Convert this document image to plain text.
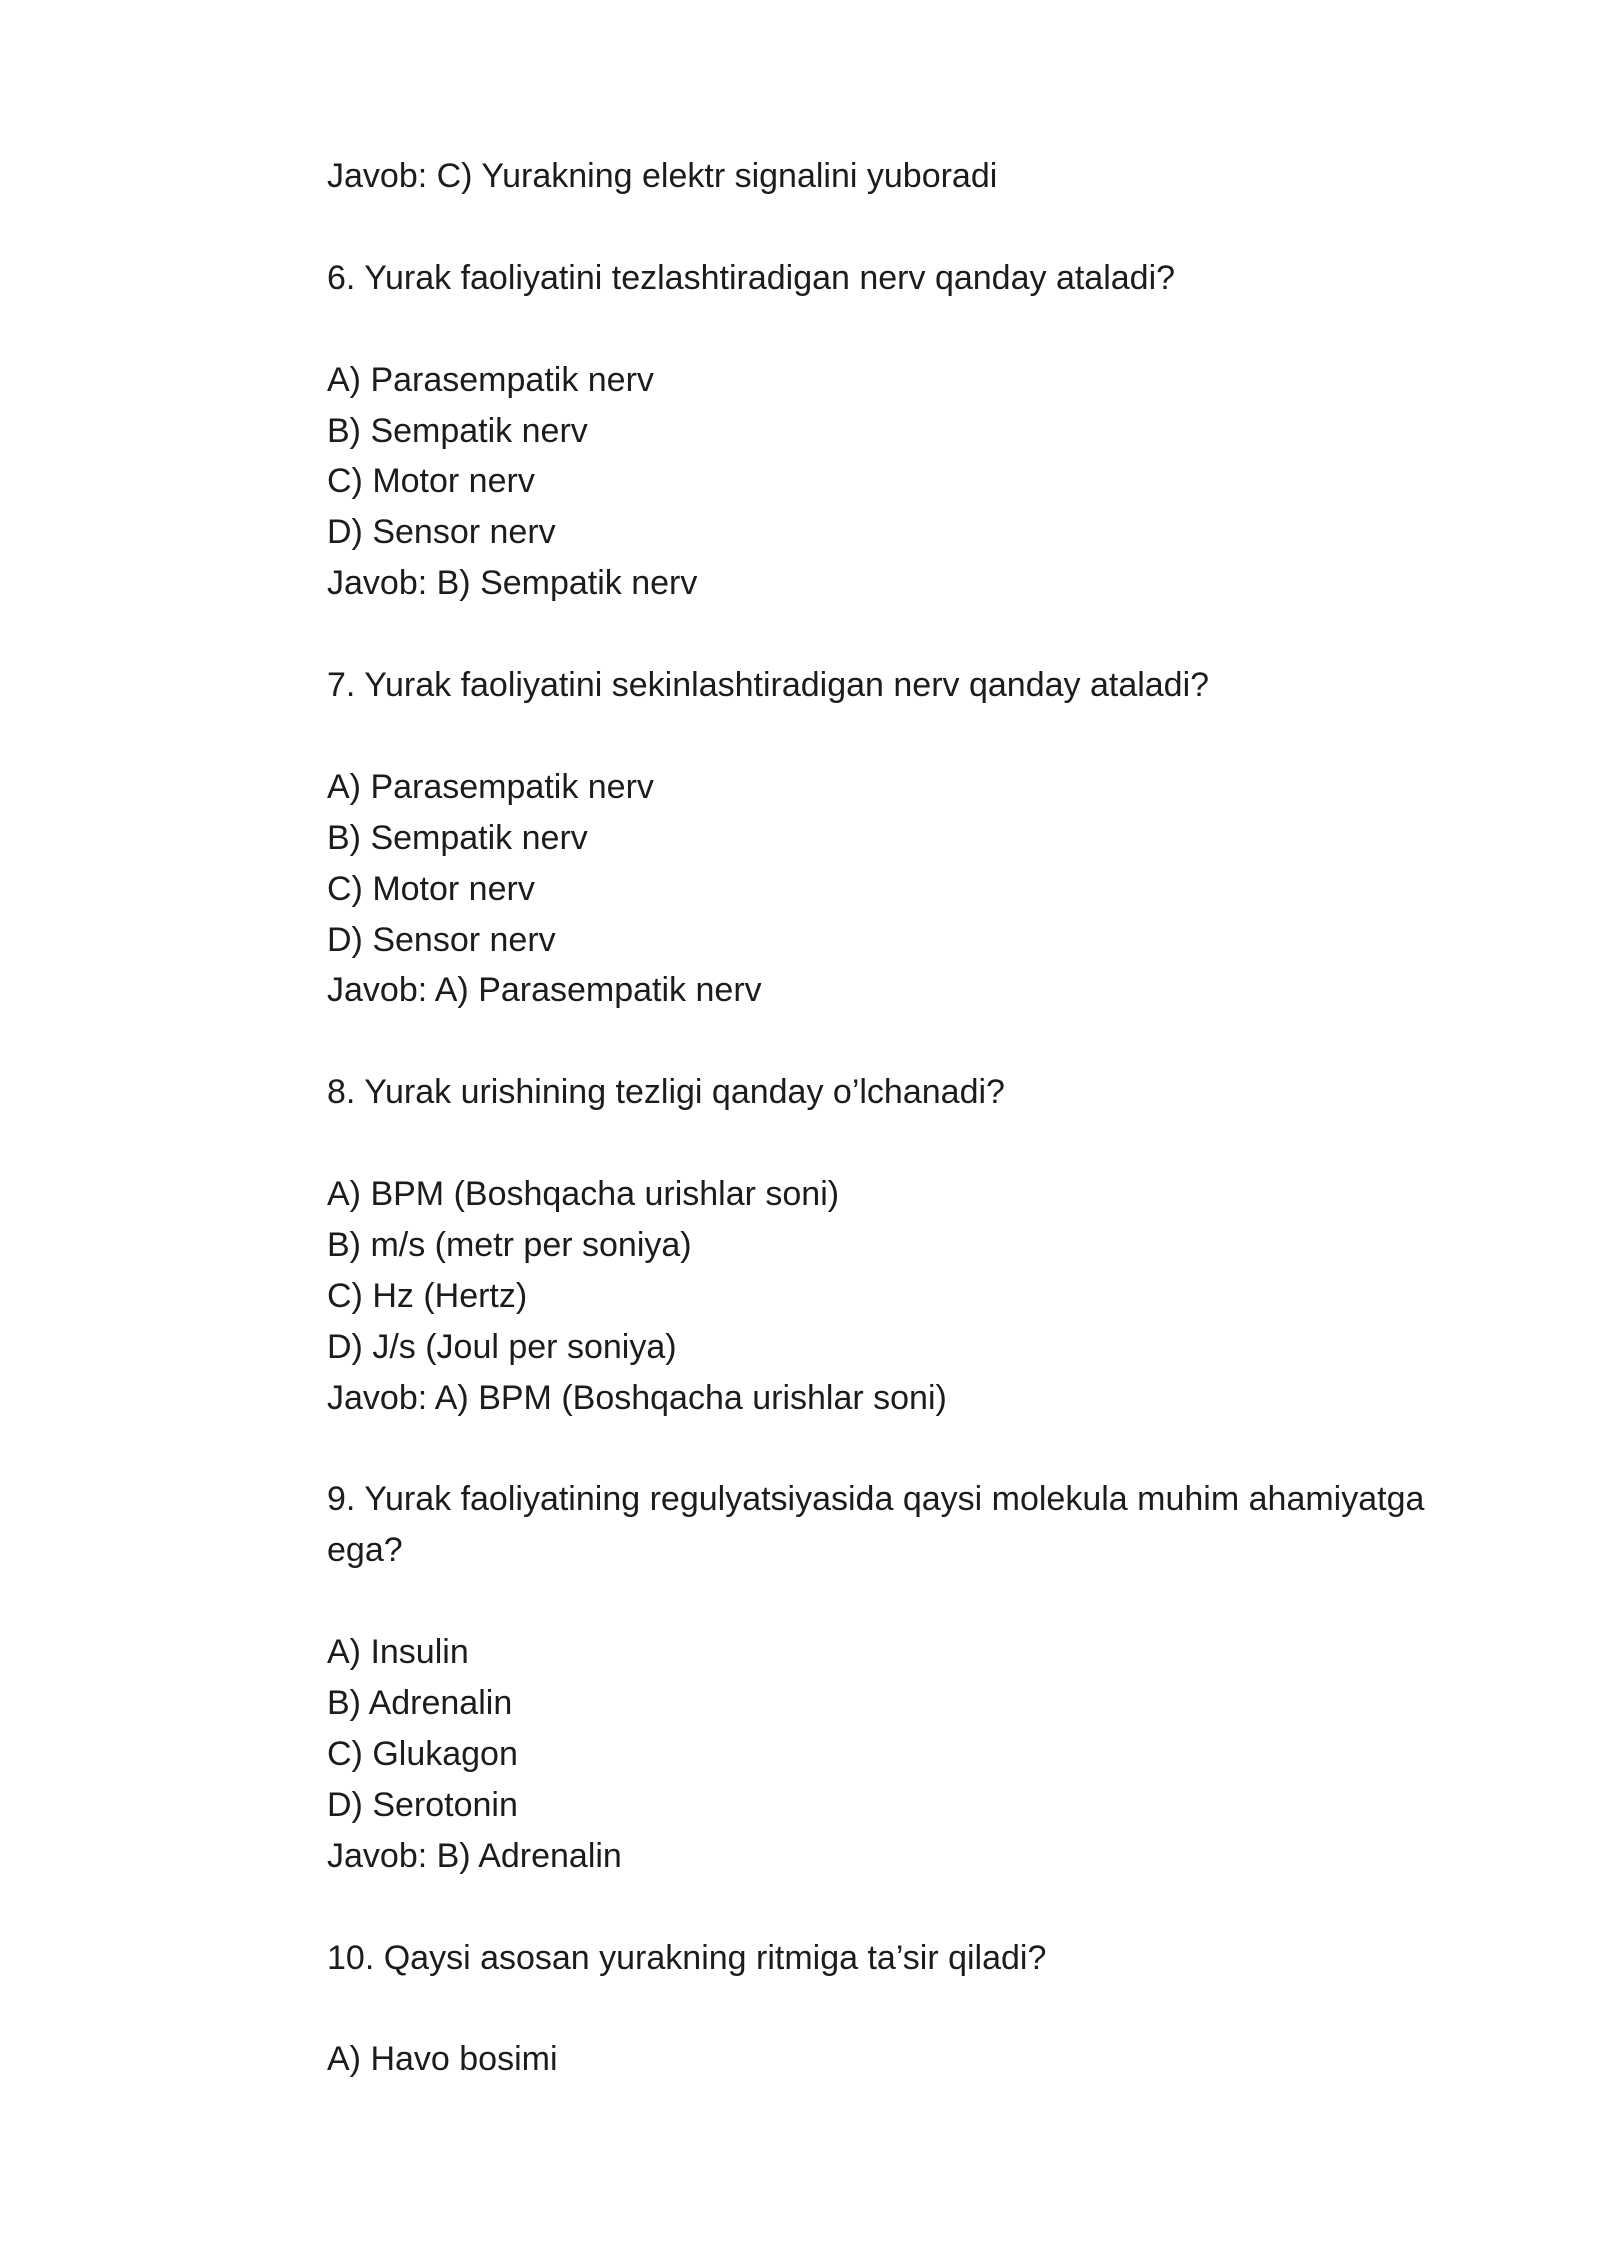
Javob: C) Yurakning elektr signalini yuboradi

6. Yurak faoliyatini tezlashtiradigan nerv qanday ataladi?

A) Parasempatik nerv

B) Sempatik nerv

C) Motor nerv

D) Sensor nerv

Javob: B) Sempatik nerv

7. Yurak faoliyatini sekinlashtiradigan nerv qanday ataladi?

A) Parasempatik nerv

B) Sempatik nerv

C) Motor nerv

D) Sensor nerv

Javob: A) Parasempatik nerv

8. Yurak urishining tezligi qanday o’lchanadi?

A) BPM (Boshqacha urishlar soni)

B) m/s (metr per soniya)

C) Hz (Hertz)

D) J/s (Joul per soniya)

Javob: A) BPM (Boshqacha urishlar soni)

9. Yurak faoliyatining regulyatsiyasida qaysi molekula muhim ahamiyatga ega?

A) Insulin

B) Adrenalin

C) Glukagon

D) Serotonin

Javob: B) Adrenalin

10. Qaysi asosan yurakning ritmiga ta’sir qiladi?

A) Havo bosimi
